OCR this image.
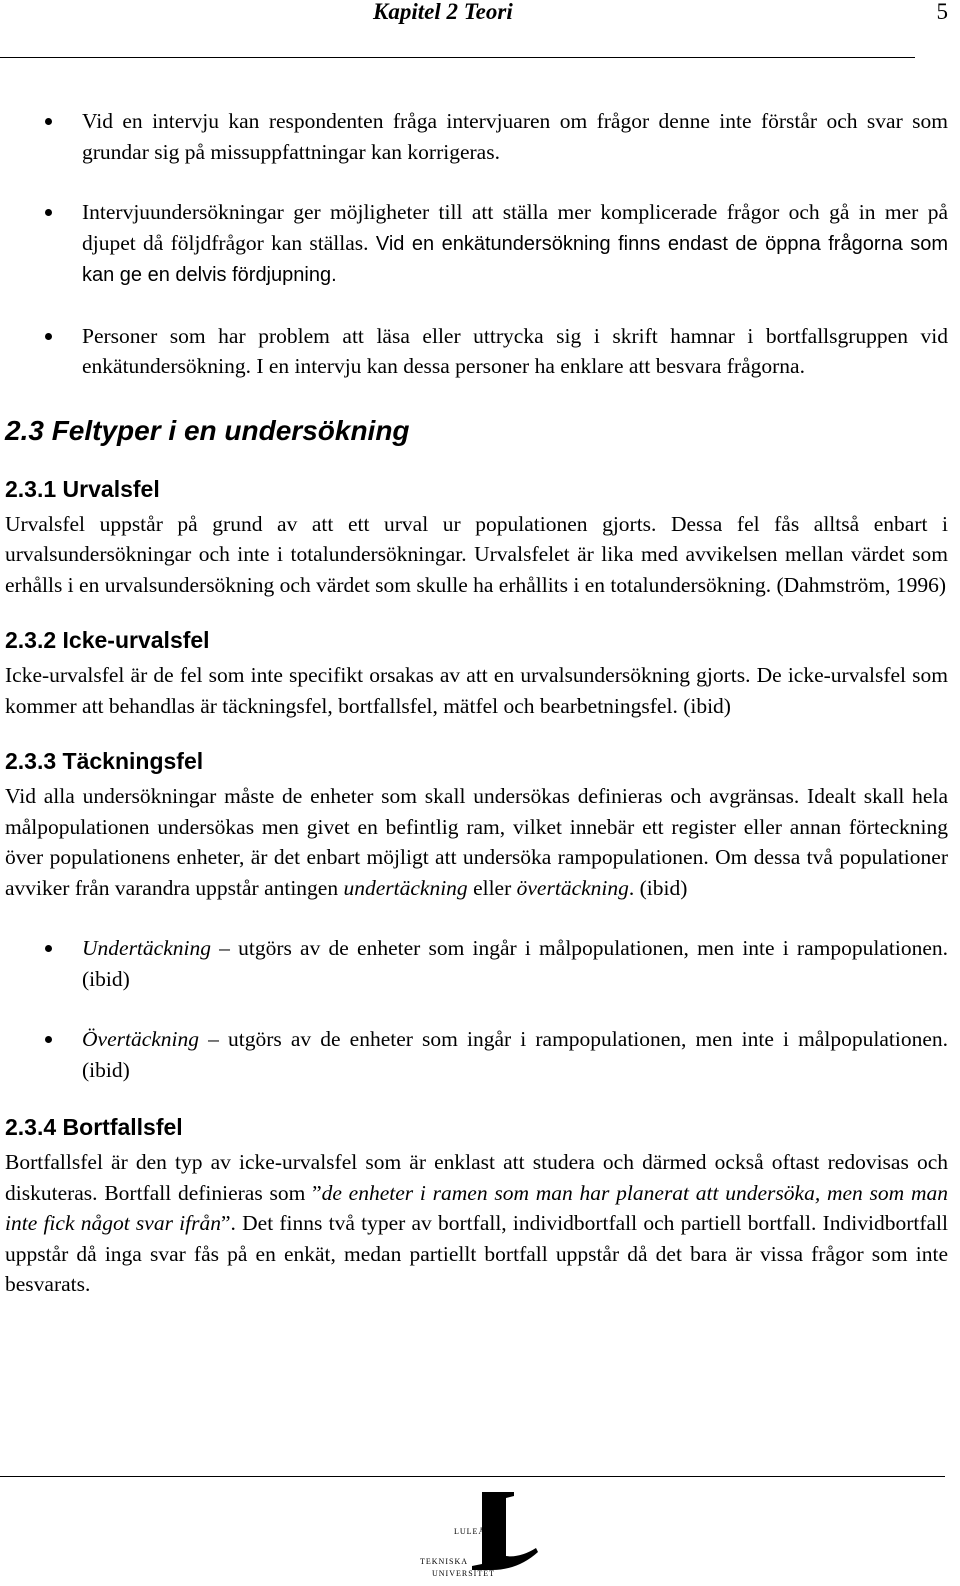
Kapitel 2 Teori	5
Vid en intervju kan respondenten fråga intervjuaren om frågor denne inte förstår och svar som grundar sig på missuppfattningar kan korrigeras.
Intervjuundersökningar ger möjligheter till att ställa mer komplicerade frågor och gå in mer på djupet då följdfrågor kan ställas. Vid en enkätundersökning finns endast de öppna frågorna som kan ge en delvis fördjupning.
Personer som har problem att läsa eller uttrycka sig i skrift hamnar i bortfallsgruppen vid enkätundersökning. I en intervju kan dessa personer ha enklare att besvara frågorna.
2.3 Feltyper i en undersökning
2.3.1 Urvalsfel

Urvalsfel uppstår på grund av att ett urval ur populationen gjorts. Dessa fel fås alltså enbart i urvalsundersökningar och inte i totalundersökningar. Urvalsfelet är lika med avvikelsen mellan värdet som erhålls i en urvalsundersökning och värdet som skulle ha erhållits i en totalundersökning. (Dahmström, 1996)

2.3.2 Icke-urvalsfel

Icke-urvalsfel är de fel som inte specifikt orsakas av att en urvalsundersökning gjorts. De icke-urvalsfel som kommer att behandlas är täckningsfel, bortfallsfel, mätfel och bearbetningsfel. (ibid)

2.3.3 Täckningsfel

Vid alla undersökningar måste de enheter som skall undersökas definieras och avgränsas. Idealt skall hela målpopulationen undersökas men givet en befintlig ram, vilket innebär ett register eller annan förteckning över populationens enheter, är det enbart möjligt att undersöka rampopulationen. Om dessa två populationer avviker från varandra uppstår antingen undertäckning eller övertäckning. (ibid)

Undertäckning – utgörs av de enheter som ingår i målpopulationen, men inte i rampopulationen. (ibid)
Övertäckning – utgörs av de enheter som ingår i rampopulationen, men inte i målpopulationen. (ibid)
2.3.4 Bortfallsfel

Bortfallsfel är den typ av icke-urvalsfel som är enklast att studera och därmed också oftast redovisas och diskuteras. Bortfall definieras som ”de enheter i ramen som man har planerat att undersöka, men som man inte fick något svar ifrån”. Det finns två typer av bortfall, individbortfall och partiell bortfall. Individbortfall uppstår då inga svar fås på en enkät, medan partiellt bortfall uppstår då det bara är vissa frågor som inte besvarats.

LULEÅ
TEKNISKA
UNIVERSITET
